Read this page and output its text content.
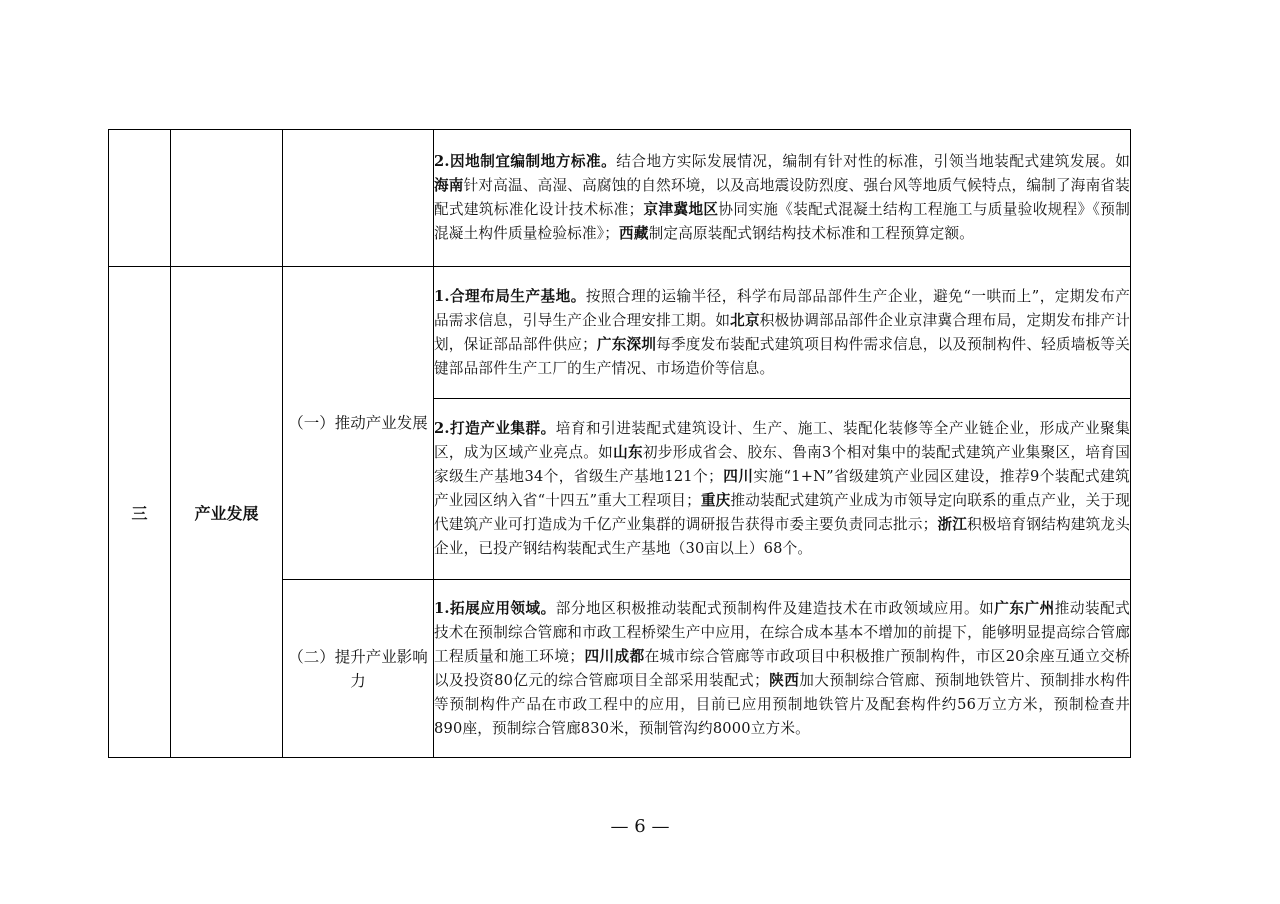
			2.因地制宜编制地方标准。结合地方实际发展情况，编制有针对性的标准，引领当地装配式建筑发展。如海南针对高温、高湿、高腐蚀的自然环境，以及高地震设防烈度、强台风等地质气候特点，编制了海南省装配式建筑标准化设计技术标准；京津冀地区协同实施《装配式混凝土结构工程施工与质量验收规程》《预制混凝土构件质量检验标准》；西藏制定高原装配式钢结构技术标准和工程预算定额。
三	产业发展	（一）推动产业发展	1.合理布局生产基地。按照合理的运输半径，科学布局部品部件生产企业，避免“一哄而上”，定期发布产品需求信息，引导生产企业合理安排工期。如北京积极协调部品部件企业京津冀合理布局，定期发布排产计划，保证部品部件供应；广东深圳每季度发布装配式建筑项目构件需求信息，以及预制构件、轻质墙板等关键部品部件生产工厂的生产情况、市场造价等信息。
			2.打造产业集群。培育和引进装配式建筑设计、生产、施工、装配化装修等全产业链企业，形成产业聚集区，成为区域产业亮点。如山东初步形成省会、胶东、鲁南3个相对集中的装配式建筑产业集聚区，培育国家级生产基地34个，省级生产基地121个；四川实施“1+N”省级建筑产业园区建设，推荐9个装配式建筑产业园区纳入省“十四五”重大工程项目；重庆推动装配式建筑产业成为市领导定向联系的重点产业，关于现代建筑产业可打造成为千亿产业集群的调研报告获得市委主要负责同志批示；浙江积极培育钢结构建筑龙头企业，已投产钢结构装配式生产基地（30亩以上）68个。
		（二）提升产业影响力	1.拓展应用领域。部分地区积极推动装配式预制构件及建造技术在市政领域应用。如广东广州推动装配式技术在预制综合管廊和市政工程桥梁生产中应用，在综合成本基本不增加的前提下，能够明显提高综合管廊工程质量和施工环境；四川成都在城市综合管廊等市政项目中积极推广预制构件，市区20余座互通立交桥以及投资80亿元的综合管廊项目全部采用装配式；陕西加大预制综合管廊、预制地铁管片、预制排水构件等预制构件产品在市政工程中的应用，目前已应用预制地铁管片及配套构件约56万立方米，预制检查井890座，预制综合管廊830米，预制管沟约8000立方米。
— 6 —
